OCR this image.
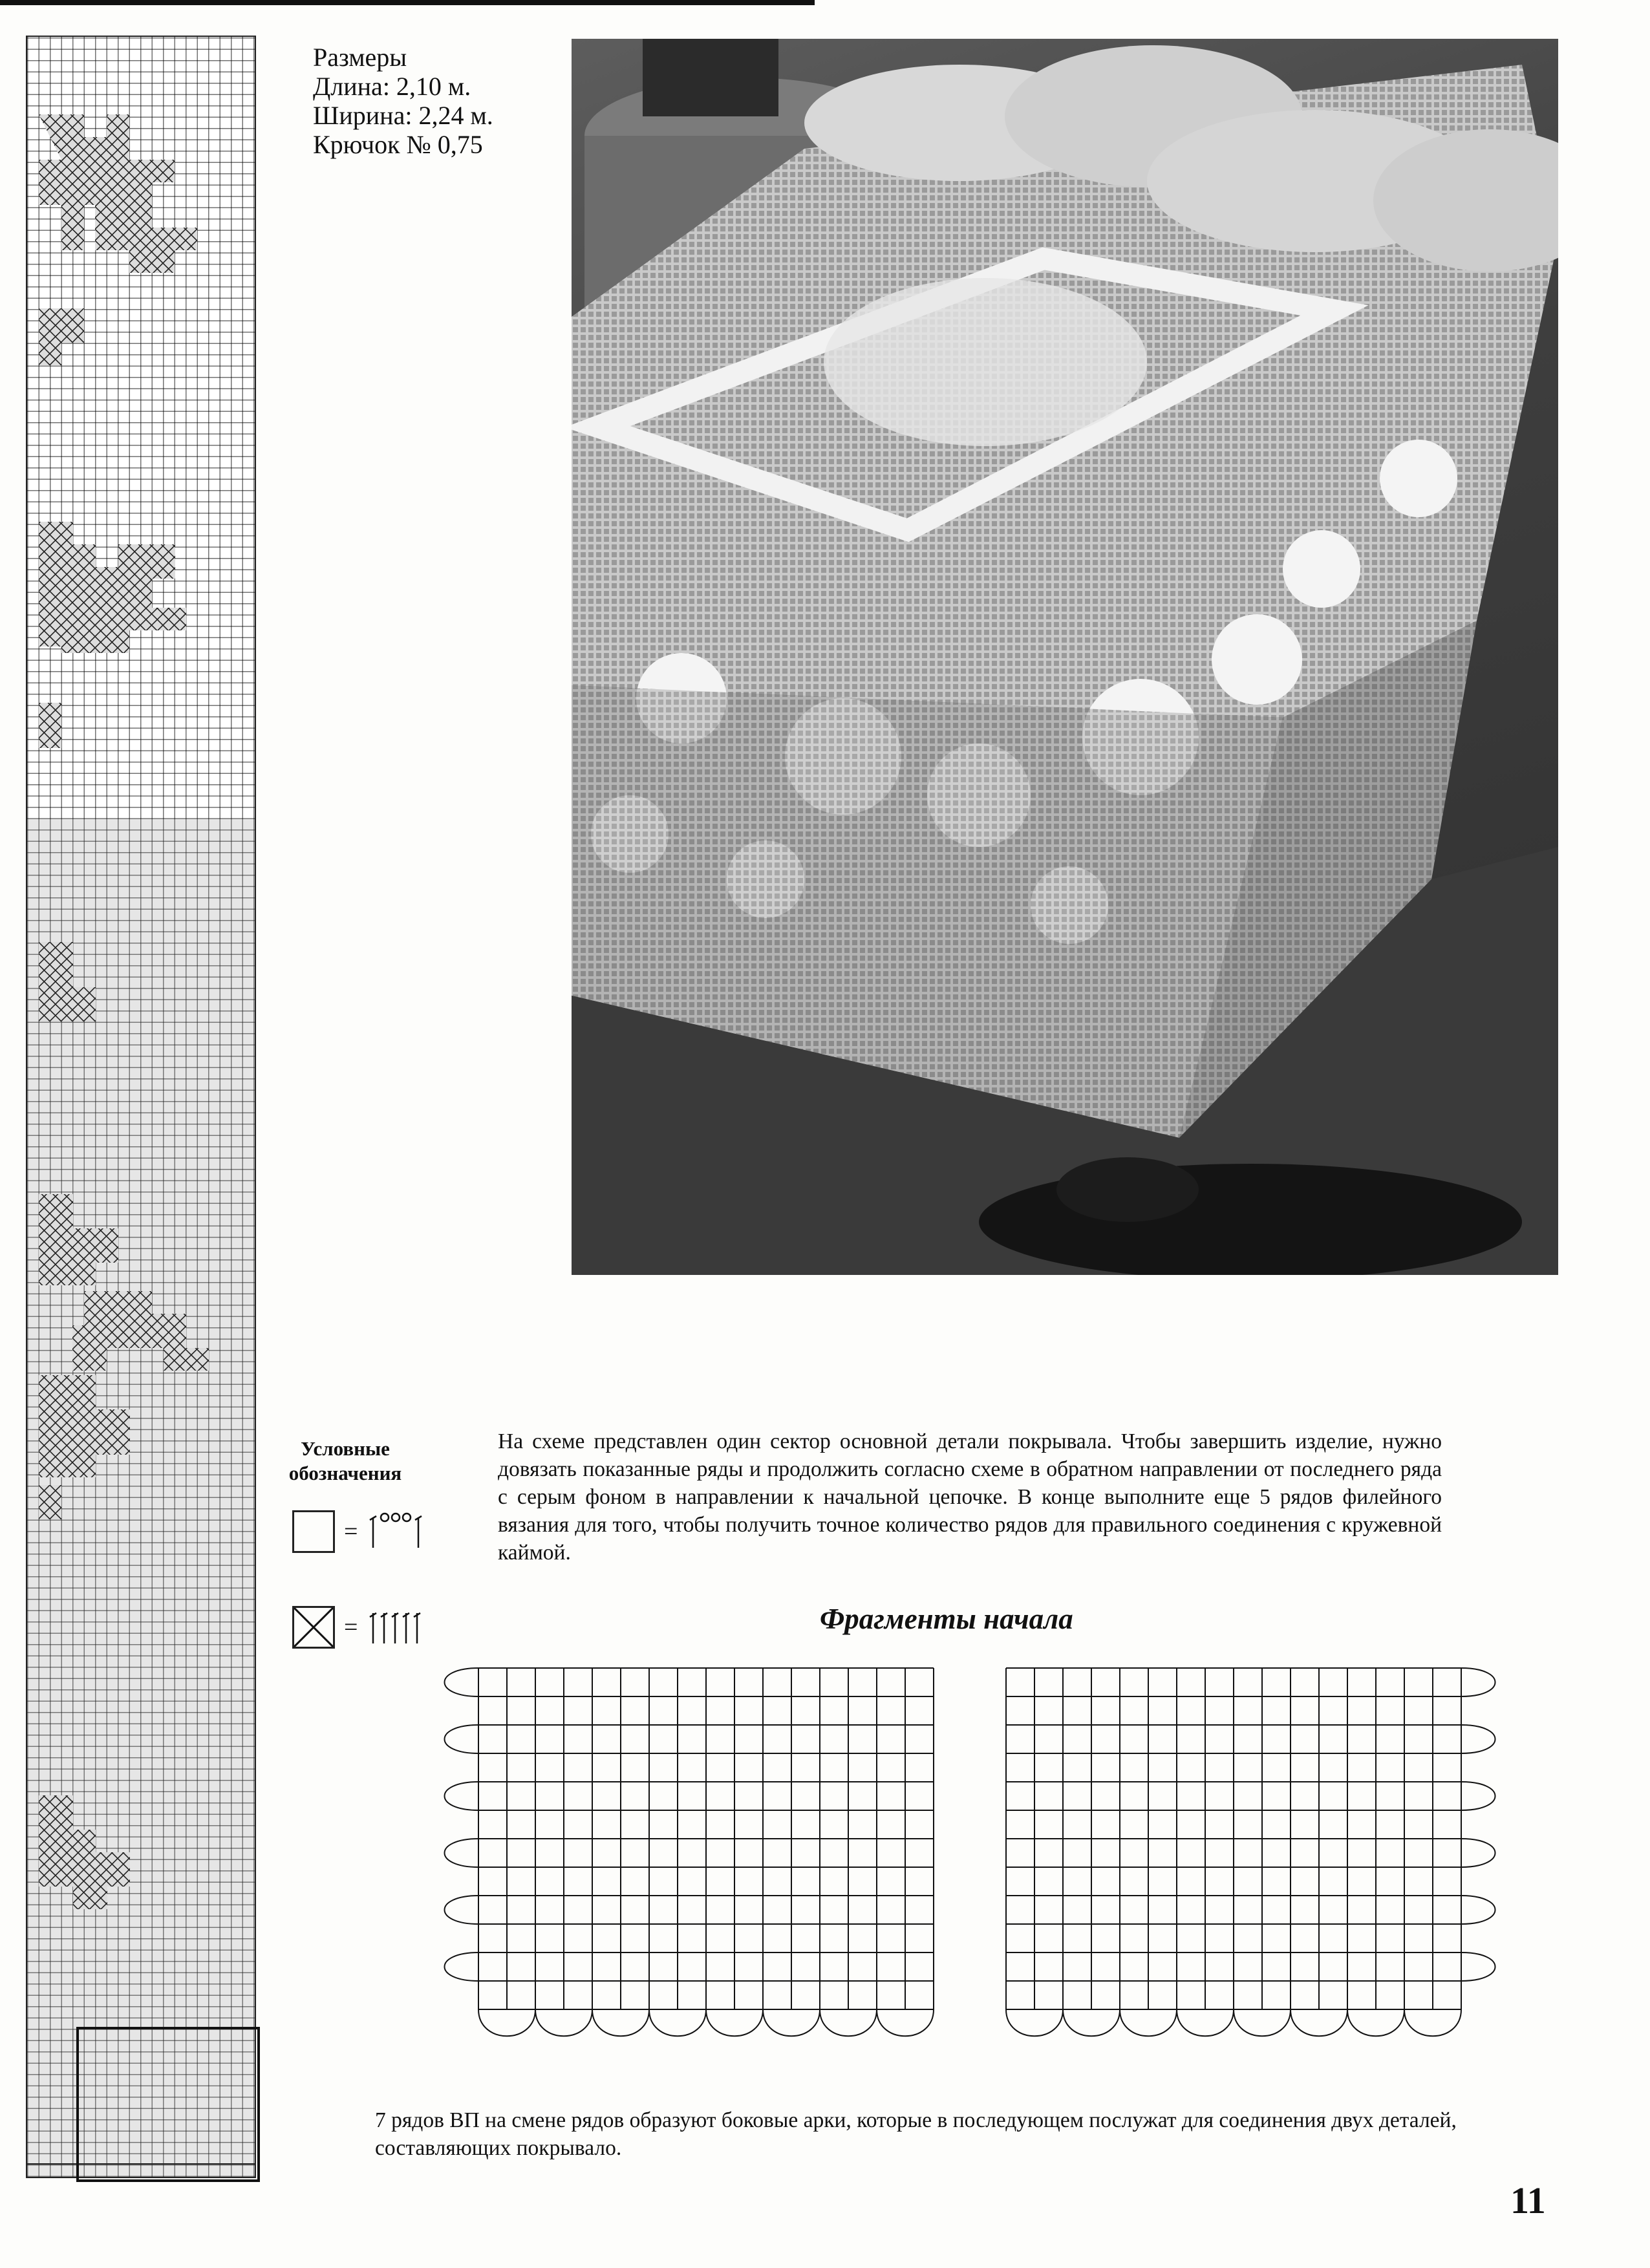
Размеры
Длина: 2,10 м.
Ширина: 2,24 м.
Крючок № 0,75
Условные
обозначения
=
=
На схеме представлен один сектор основной детали покрывала. Чтобы завершить изделие, нужно довязать показанные ряды и продолжить согласно схеме в обратном направлении от последнего ряда с серым фоном в направлении к начальной цепочке. В конце выполните еще 5 рядов филейного вязания для того, чтобы получить точное количество рядов для правильного соединения с кружевной каймой.
Фрагменты начала
7 рядов ВП на смене рядов образуют боковые арки, которые в последующем послужат для соединения двух деталей, составляющих покрывало.
11
